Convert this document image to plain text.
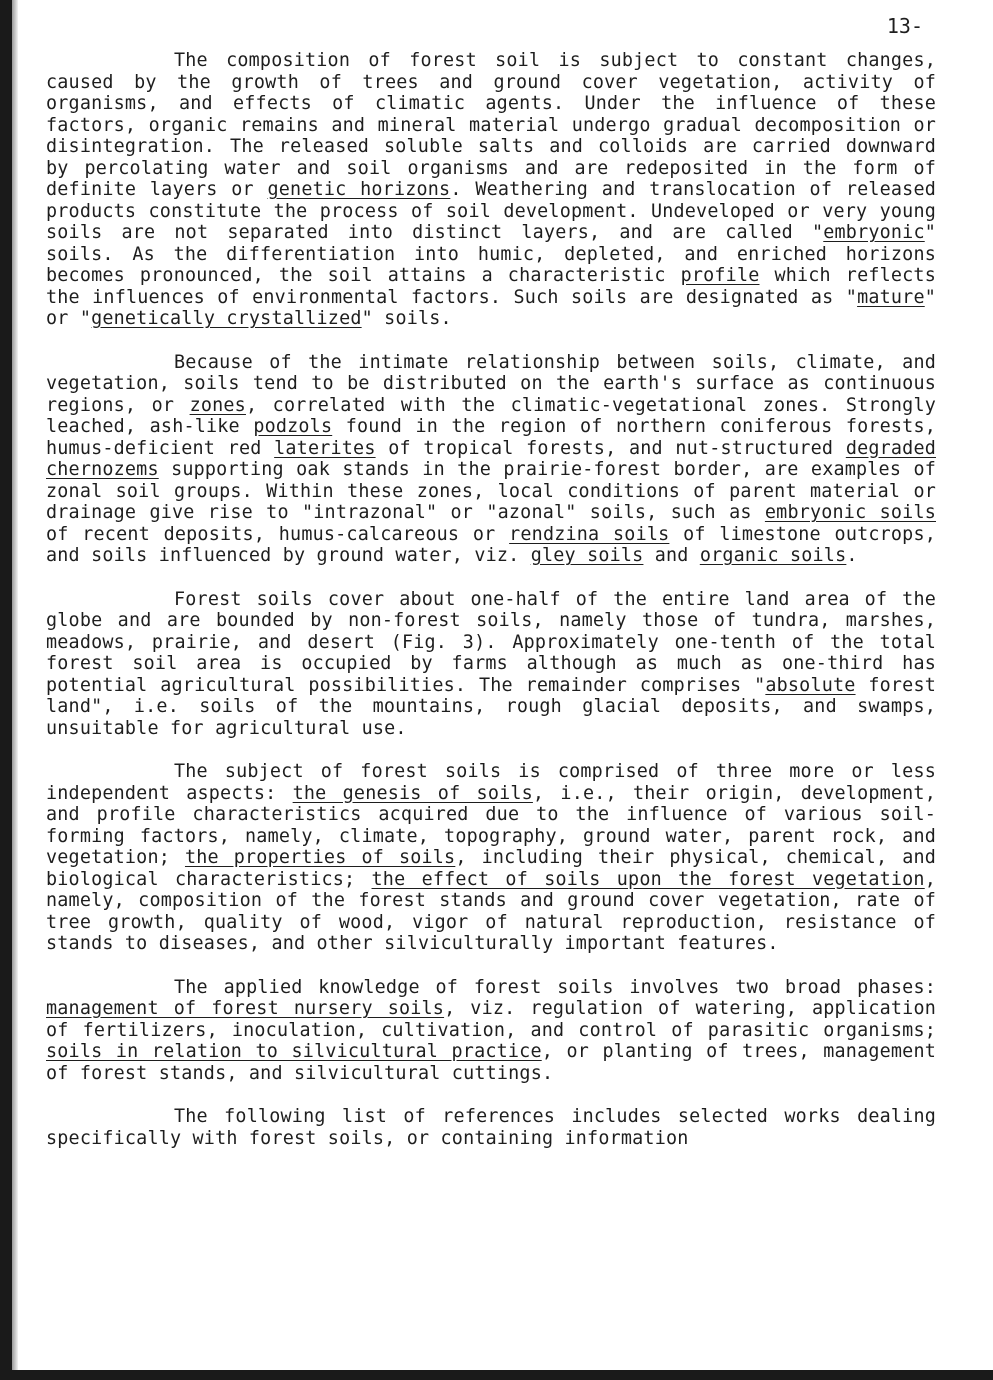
13-

The composition of forest soil is subject to constant changes, caused by the growth of trees and ground cover vegetation, activity of organisms, and effects of climatic agents. Under the influence of these factors, organic remains and mineral material undergo gradual decomposition or disintegration. The released soluble salts and colloids are carried downward by percolating water and soil organisms and are redeposited in the form of definite layers or genetic horizons. Weathering and translocation of released products constitute the process of soil development. Undeveloped or very young soils are not separated into distinct layers, and are called "embryonic" soils. As the differentiation into humic, depleted, and enriched horizons becomes pronounced, the soil attains a characteristic profile which reflects the influences of environmental factors. Such soils are designated as "mature" or "genetically crystallized" soils.

Because of the intimate relationship between soils, climate, and vegetation, soils tend to be distributed on the earth's surface as continuous regions, or zones, correlated with the climatic-vegetational zones. Strongly leached, ash-like podzols found in the region of northern coniferous forests, humus-deficient red laterites of tropical forests, and nut-structured degraded chernozems supporting oak stands in the prairie-forest border, are examples of zonal soil groups. Within these zones, local conditions of parent material or drainage give rise to "intrazonal" or "azonal" soils, such as embryonic soils of recent deposits, humus-calcareous or rendzina soils of limestone outcrops, and soils influenced by ground water, viz. gley soils and organic soils.

Forest soils cover about one-half of the entire land area of the globe and are bounded by non-forest soils, namely those of tundra, marshes, meadows, prairie, and desert (Fig. 3). Approximately one-tenth of the total forest soil area is occupied by farms although as much as one-third has potential agricultural possibilities. The remainder comprises "absolute forest land", i.e. soils of the mountains, rough glacial deposits, and swamps, unsuitable for agricultural use.

The subject of forest soils is comprised of three more or less independent aspects: the genesis of soils, i.e., their origin, development, and profile characteristics acquired due to the influence of various soil-forming factors, namely, climate, topography, ground water, parent rock, and vegetation; the properties of soils, including their physical, chemical, and biological characteristics; the effect of soils upon the forest vegetation, namely, composition of the forest stands and ground cover vegetation, rate of tree growth, quality of wood, vigor of natural reproduction, resistance of stands to diseases, and other silviculturally important features.

The applied knowledge of forest soils involves two broad phases: management of forest nursery soils, viz. regulation of watering, application of fertilizers, inoculation, cultivation, and control of parasitic organisms; soils in relation to silvicultural practice, or planting of trees, management of forest stands, and silvicultural cuttings.

The following list of references includes selected works dealing specifically with forest soils, or containing information
